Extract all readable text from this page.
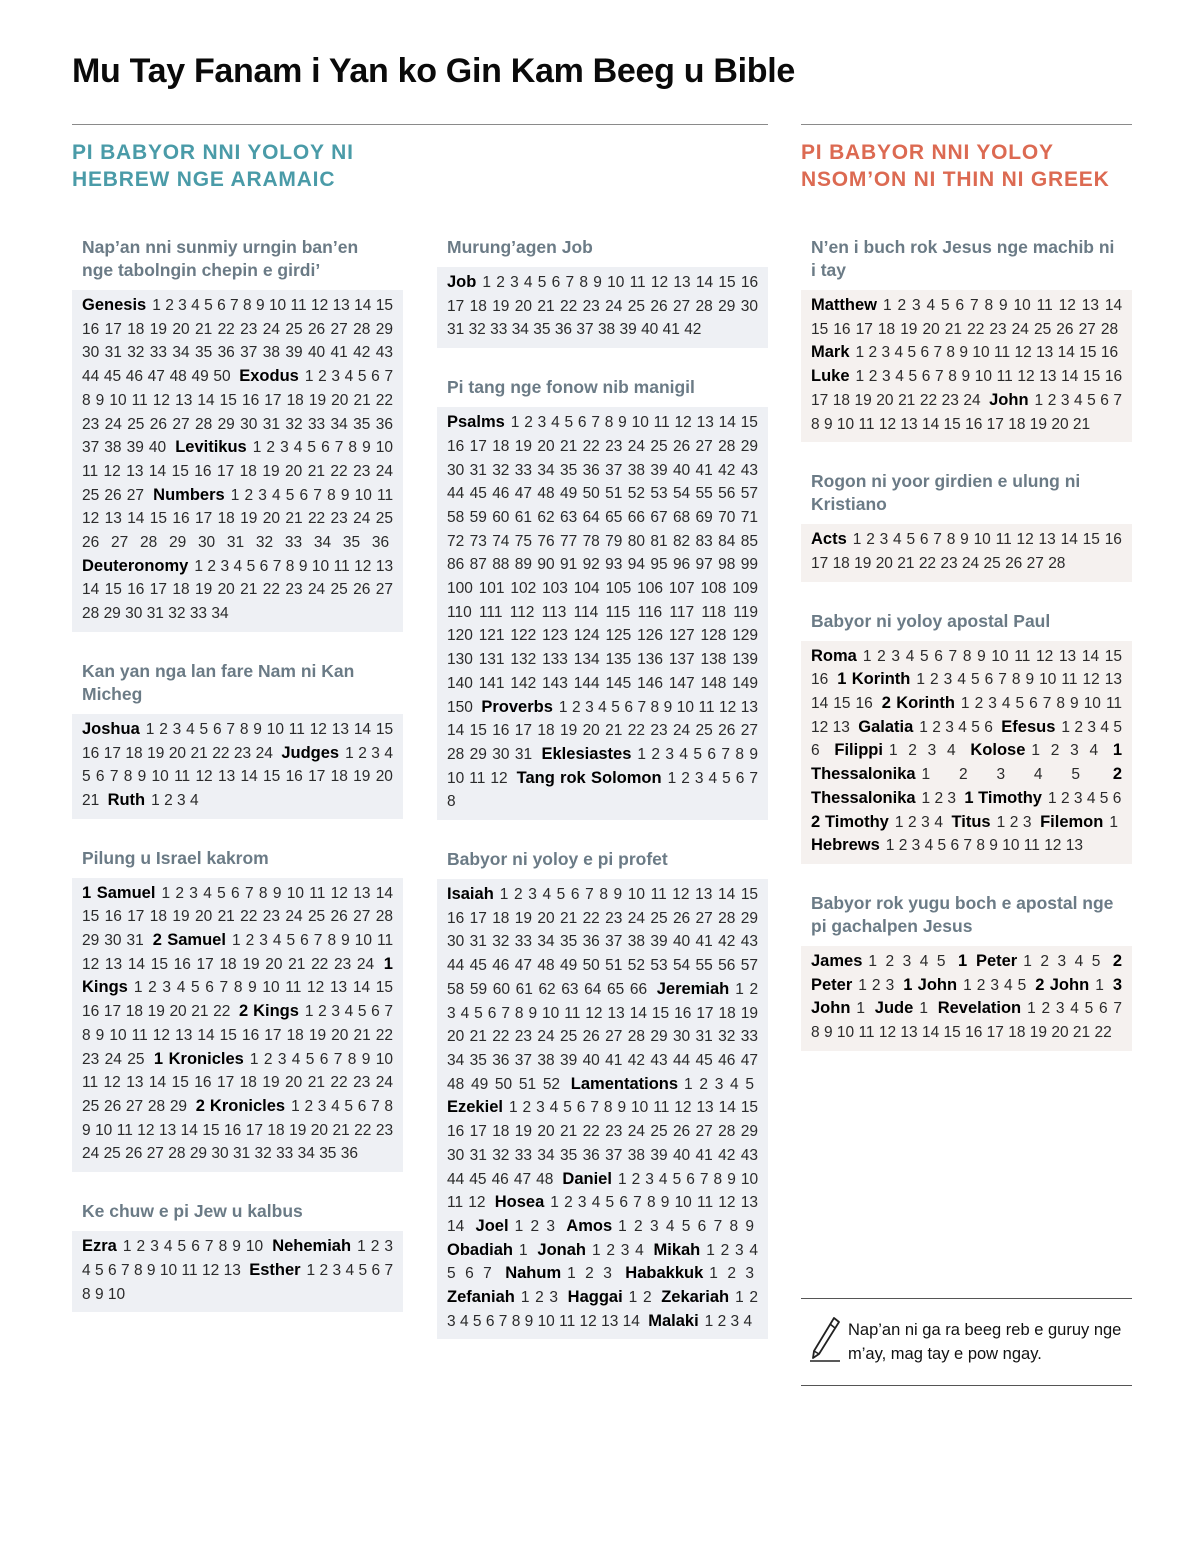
Mu Tay Fanam i Yan ko Gin Kam Beeg u Bible
PI BABYOR NNI YOLOY NI
HEBREW NGE ARAMAIC
PI BABYOR NNI YOLOY
NSOM’ON NI THIN NI GREEK
Nap’an nni sunmiy urngin ban’en nge tabolngin chepin e girdi’
Genesis 1 2 3 4 5 6 7 8 9 10 11 12 13 14 15 16 17 18 19 20 21 22 23 24 25 26 27 28 29 30 31 32 33 34 35 36 37 38 39 40 41 42 43 44 45 46 47 48 49 50 Exodus 1 2 3 4 5 6 7 8 9 10 11 12 13 14 15 16 17 18 19 20 21 22 23 24 25 26 27 28 29 30 31 32 33 34 35 36 37 38 39 40 Levitikus 1 2 3 4 5 6 7 8 9 10 11 12 13 14 15 16 17 18 19 20 21 22 23 24 25 26 27 Numbers 1 2 3 4 5 6 7 8 9 10 11 12 13 14 15 16 17 18 19 20 21 22 23 24 25 26 27 28 29 30 31 32 33 34 35 36 Deuteronomy 1 2 3 4 5 6 7 8 9 10 11 12 13 14 15 16 17 18 19 20 21 22 23 24 25 26 27 28 29 30 31 32 33 34
Kan yan nga lan fare Nam ni Kan Micheg
Joshua 1 2 3 4 5 6 7 8 9 10 11 12 13 14 15 16 17 18 19 20 21 22 23 24 Judges 1 2 3 4 5 6 7 8 9 10 11 12 13 14 15 16 17 18 19 20 21 Ruth 1 2 3 4
Pilung u Israel kakrom
1 Samuel 1 2 3 4 5 6 7 8 9 10 11 12 13 14 15 16 17 18 19 20 21 22 23 24 25 26 27 28 29 30 31 2 Samuel 1 2 3 4 5 6 7 8 9 10 11 12 13 14 15 16 17 18 19 20 21 22 23 24 1 Kings 1 2 3 4 5 6 7 8 9 10 11 12 13 14 15 16 17 18 19 20 21 22 2 Kings 1 2 3 4 5 6 7 8 9 10 11 12 13 14 15 16 17 18 19 20 21 22 23 24 25 1 Kronicles 1 2 3 4 5 6 7 8 9 10 11 12 13 14 15 16 17 18 19 20 21 22 23 24 25 26 27 28 29 2 Kronicles 1 2 3 4 5 6 7 8 9 10 11 12 13 14 15 16 17 18 19 20 21 22 23 24 25 26 27 28 29 30 31 32 33 34 35 36
Ke chuw e pi Jew u kalbus
Ezra 1 2 3 4 5 6 7 8 9 10 Nehemiah 1 2 3 4 5 6 7 8 9 10 11 12 13 Esther 1 2 3 4 5 6 7 8 9 10
Murung’agen Job
Job 1 2 3 4 5 6 7 8 9 10 11 12 13 14 15 16 17 18 19 20 21 22 23 24 25 26 27 28 29 30 31 32 33 34 35 36 37 38 39 40 41 42
Pi tang nge fonow nib manigil
Psalms 1 2 3 4 5 6 7 8 9 10 11 12 13 14 15 16 17 18 19 20 21 22 23 24 25 26 27 28 29 30 31 32 33 34 35 36 37 38 39 40 41 42 43 44 45 46 47 48 49 50 51 52 53 54 55 56 57 58 59 60 61 62 63 64 65 66 67 68 69 70 71 72 73 74 75 76 77 78 79 80 81 82 83 84 85 86 87 88 89 90 91 92 93 94 95 96 97 98 99 100 101 102 103 104 105 106 107 108 109 110 111 112 113 114 115 116 117 118 119 120 121 122 123 124 125 126 127 128 129 130 131 132 133 134 135 136 137 138 139 140 141 142 143 144 145 146 147 148 149 150 Proverbs 1 2 3 4 5 6 7 8 9 10 11 12 13 14 15 16 17 18 19 20 21 22 23 24 25 26 27 28 29 30 31 Eklesiastes 1 2 3 4 5 6 7 8 9 10 11 12 Tang rok Solomon 1 2 3 4 5 6 7 8
Babyor ni yoloy e pi profet
Isaiah 1 2 3 4 5 6 7 8 9 10 11 12 13 14 15 16 17 18 19 20 21 22 23 24 25 26 27 28 29 30 31 32 33 34 35 36 37 38 39 40 41 42 43 44 45 46 47 48 49 50 51 52 53 54 55 56 57 58 59 60 61 62 63 64 65 66 Jeremiah 1 2 3 4 5 6 7 8 9 10 11 12 13 14 15 16 17 18 19 20 21 22 23 24 25 26 27 28 29 30 31 32 33 34 35 36 37 38 39 40 41 42 43 44 45 46 47 48 49 50 51 52 Lamentations 1 2 3 4 5 Ezekiel 1 2 3 4 5 6 7 8 9 10 11 12 13 14 15 16 17 18 19 20 21 22 23 24 25 26 27 28 29 30 31 32 33 34 35 36 37 38 39 40 41 42 43 44 45 46 47 48 Daniel 1 2 3 4 5 6 7 8 9 10 11 12 Hosea 1 2 3 4 5 6 7 8 9 10 11 12 13 14 Joel 1 2 3 Amos 1 2 3 4 5 6 7 8 9 Obadiah 1 Jonah 1 2 3 4 Mikah 1 2 3 4 5 6 7 Nahum 1 2 3 Habakkuk 1 2 3 Zefaniah 1 2 3 Haggai 1 2 Zekariah 1 2 3 4 5 6 7 8 9 10 11 12 13 14 Malaki 1 2 3 4
N’en i buch rok Jesus nge machib ni i tay
Matthew 1 2 3 4 5 6 7 8 9 10 11 12 13 14 15 16 17 18 19 20 21 22 23 24 25 26 27 28 Mark 1 2 3 4 5 6 7 8 9 10 11 12 13 14 15 16 Luke 1 2 3 4 5 6 7 8 9 10 11 12 13 14 15 16 17 18 19 20 21 22 23 24 John 1 2 3 4 5 6 7 8 9 10 11 12 13 14 15 16 17 18 19 20 21
Rogon ni yoor girdien e ulung ni Kristiano
Acts 1 2 3 4 5 6 7 8 9 10 11 12 13 14 15 16 17 18 19 20 21 22 23 24 25 26 27 28
Babyor ni yoloy apostal Paul
Roma 1 2 3 4 5 6 7 8 9 10 11 12 13 14 15 16 1 Korinth 1 2 3 4 5 6 7 8 9 10 11 12 13 14 15 16 2 Korinth 1 2 3 4 5 6 7 8 9 10 11 12 13 Galatia 1 2 3 4 5 6 Efesus 1 2 3 4 5 6 Filippi 1 2 3 4 Kolose 1 2 3 4 1 Thessalonika 1 2 3 4 5 2 Thessalonika 1 2 3 1 Timothy 1 2 3 4 5 6 2 Timothy 1 2 3 4 Titus 1 2 3 Filemon 1 Hebrews 1 2 3 4 5 6 7 8 9 10 11 12 13
Babyor rok yugu boch e apostal nge pi gachalpen Jesus
James 1 2 3 4 5 1 Peter 1 2 3 4 5 2 Peter 1 2 3 1 John 1 2 3 4 5 2 John 1 3 John 1 Jude 1 Revelation 1 2 3 4 5 6 7 8 9 10 11 12 13 14 15 16 17 18 19 20 21 22
Nap’an ni ga ra beeg reb e guruy nge m’ay, mag tay e pow ngay.
